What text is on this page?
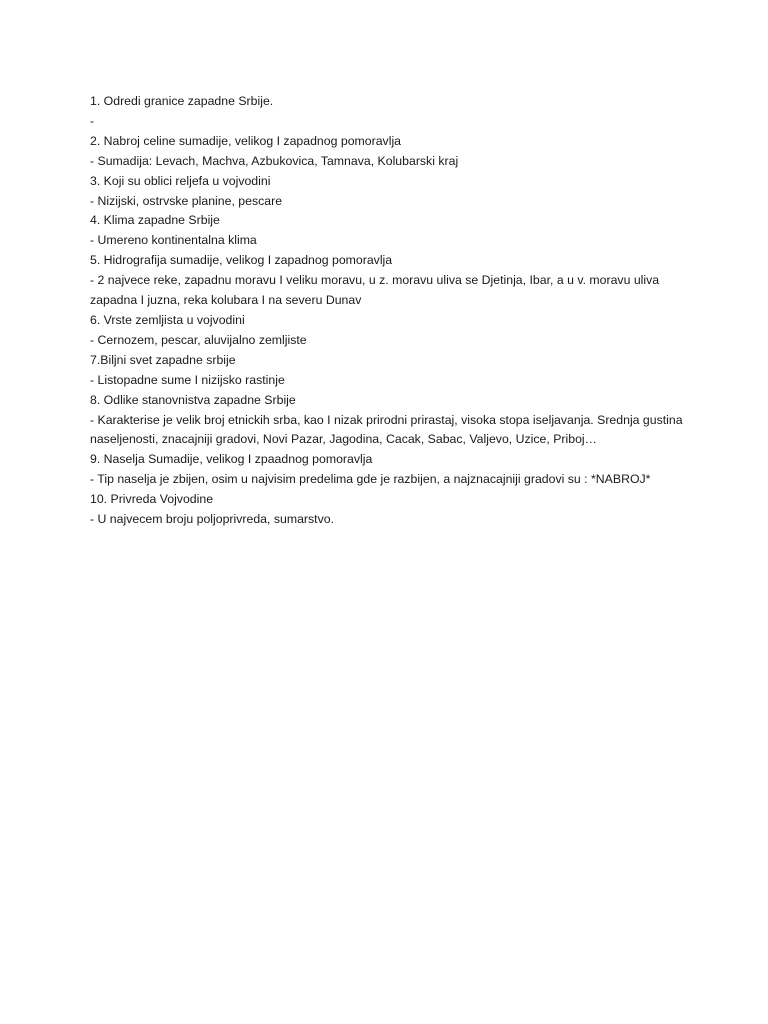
1. Odredi granice zapadne Srbije.

-

2. Nabroj celine sumadije, velikog I zapadnog pomoravlja

- Sumadija: Levach, Machva, Azbukovica, Tamnava, Kolubarski kraj

3. Koji su oblici reljefa u vojvodini

- Nizijski, ostrvske planine, pescare

4. Klima zapadne Srbije

- Umereno kontinentalna klima

5. Hidrografija sumadije, velikog I zapadnog pomoravlja

- 2 najvece reke, zapadnu moravu I veliku moravu, u z. moravu uliva se Djetinja, Ibar, a u v. moravu uliva zapadna I juzna, reka kolubara I na severu Dunav

6. Vrste zemljista u vojvodini

- Cernozem, pescar, aluvijalno zemljiste

7.Biljni svet zapadne srbije

- Listopadne sume I nizijsko rastinje

8. Odlike stanovnistva zapadne Srbije

- Karakterise je velik broj etnickih srba, kao I nizak prirodni prirastaj, visoka stopa iseljavanja. Srednja gustina naseljenosti, znacajniji gradovi, Novi Pazar, Jagodina, Cacak, Sabac, Valjevo, Uzice, Priboj…

9. Naselja Sumadije, velikog I zpaadnog pomoravlja

- Tip naselja je zbijen, osim u najvisim predelima gde je razbijen, a najznacajniji gradovi su : *NABROJ*

10. Privreda Vojvodine

- U najvecem broju poljoprivreda, sumarstvo.
